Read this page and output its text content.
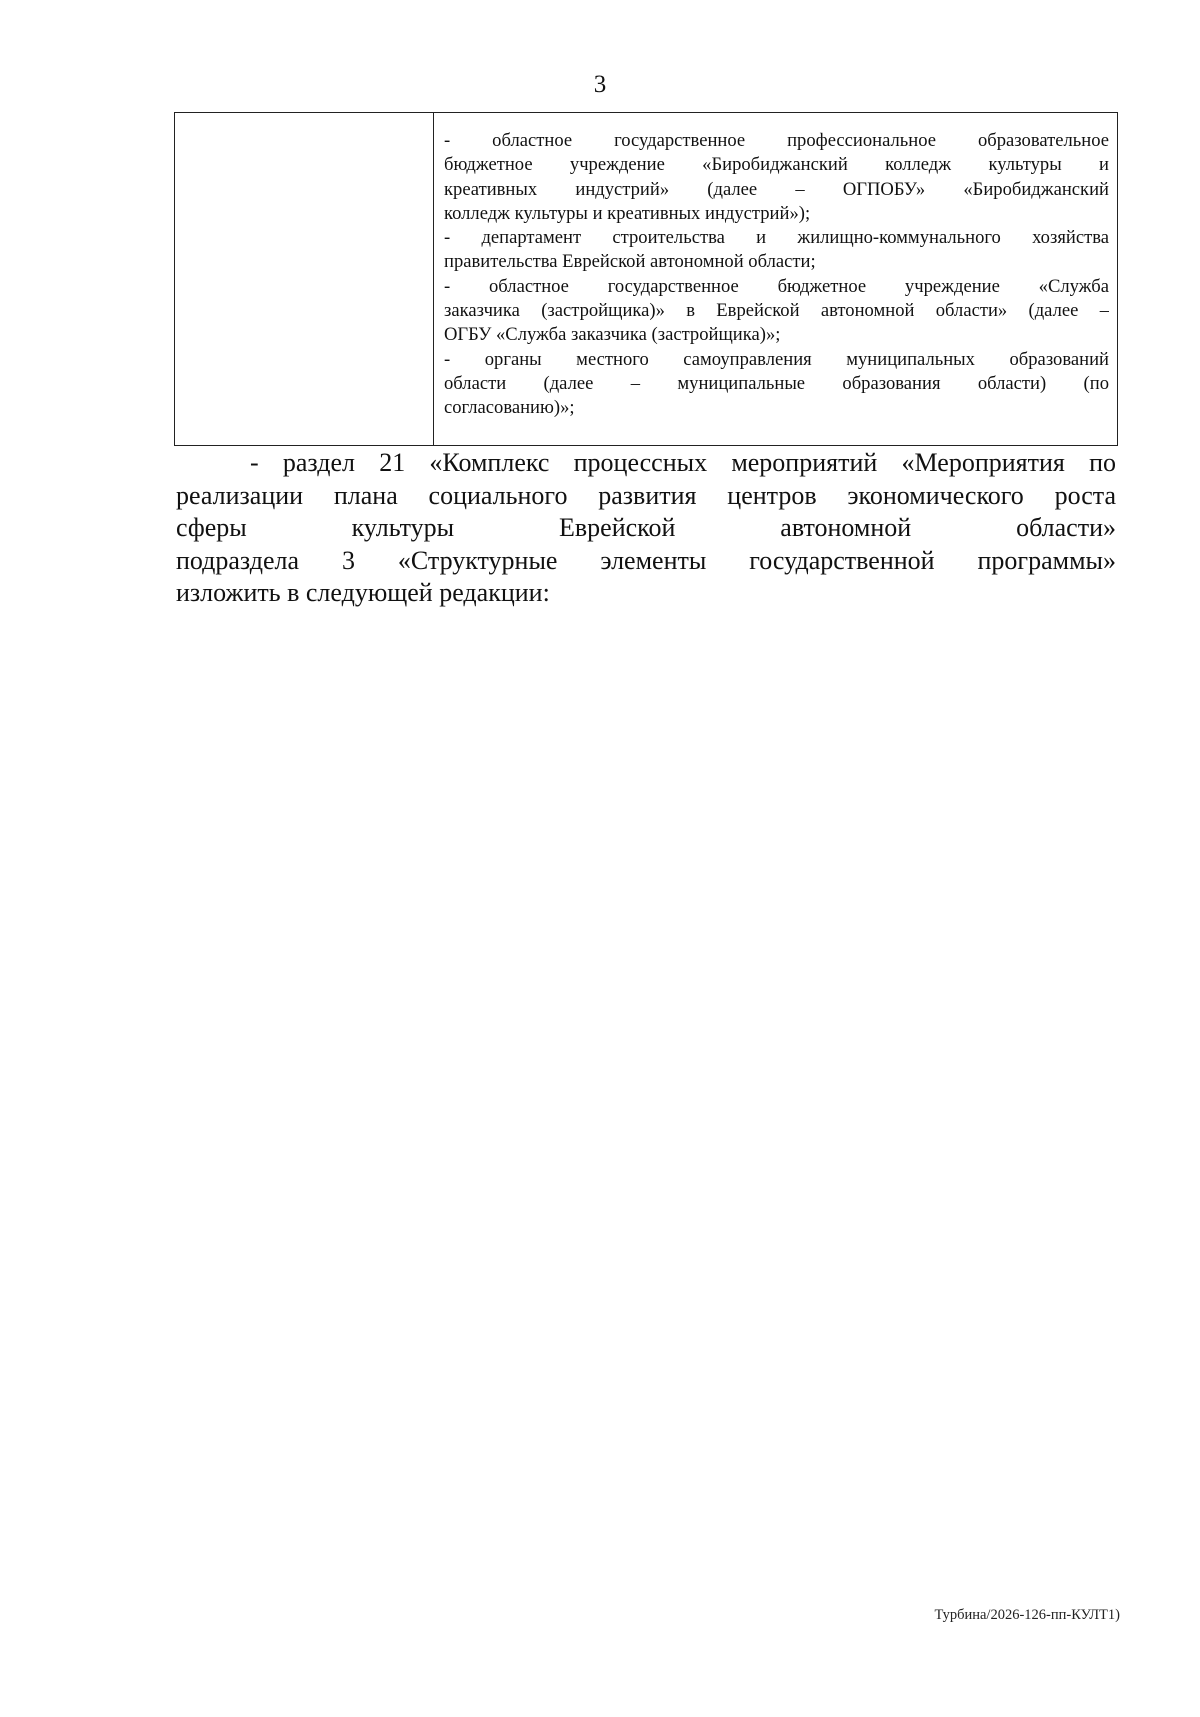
3

- областное государственное профессиональное образовательное
бюджетное учреждение «Биробиджанский колледж культуры и
креативных индустрий» (далее – ОГПОБУ» «Биробиджанский
колледж культуры и креативных индустрий»);
- департамент строительства и жилищно-коммунального хозяйства
правительства Еврейской автономной области;
- областное государственное бюджетное учреждение «Служба
заказчика (застройщика)» в Еврейской автономной области» (далее –
ОГБУ «Служба заказчика (застройщика)»;
- органы местного самоуправления муниципальных образований
области (далее – муниципальные образования области) (по
согласованию)»;
- раздел 21 «Комплекс процессных мероприятий «Мероприятия по
реализации плана социального развития центров экономического роста
сферы культуры Еврейской автономной области»
подраздела 3 «Структурные элементы государственной программы»
изложить в следующей редакции:
Турбина/2026-126-пп-КУЛТ1)
